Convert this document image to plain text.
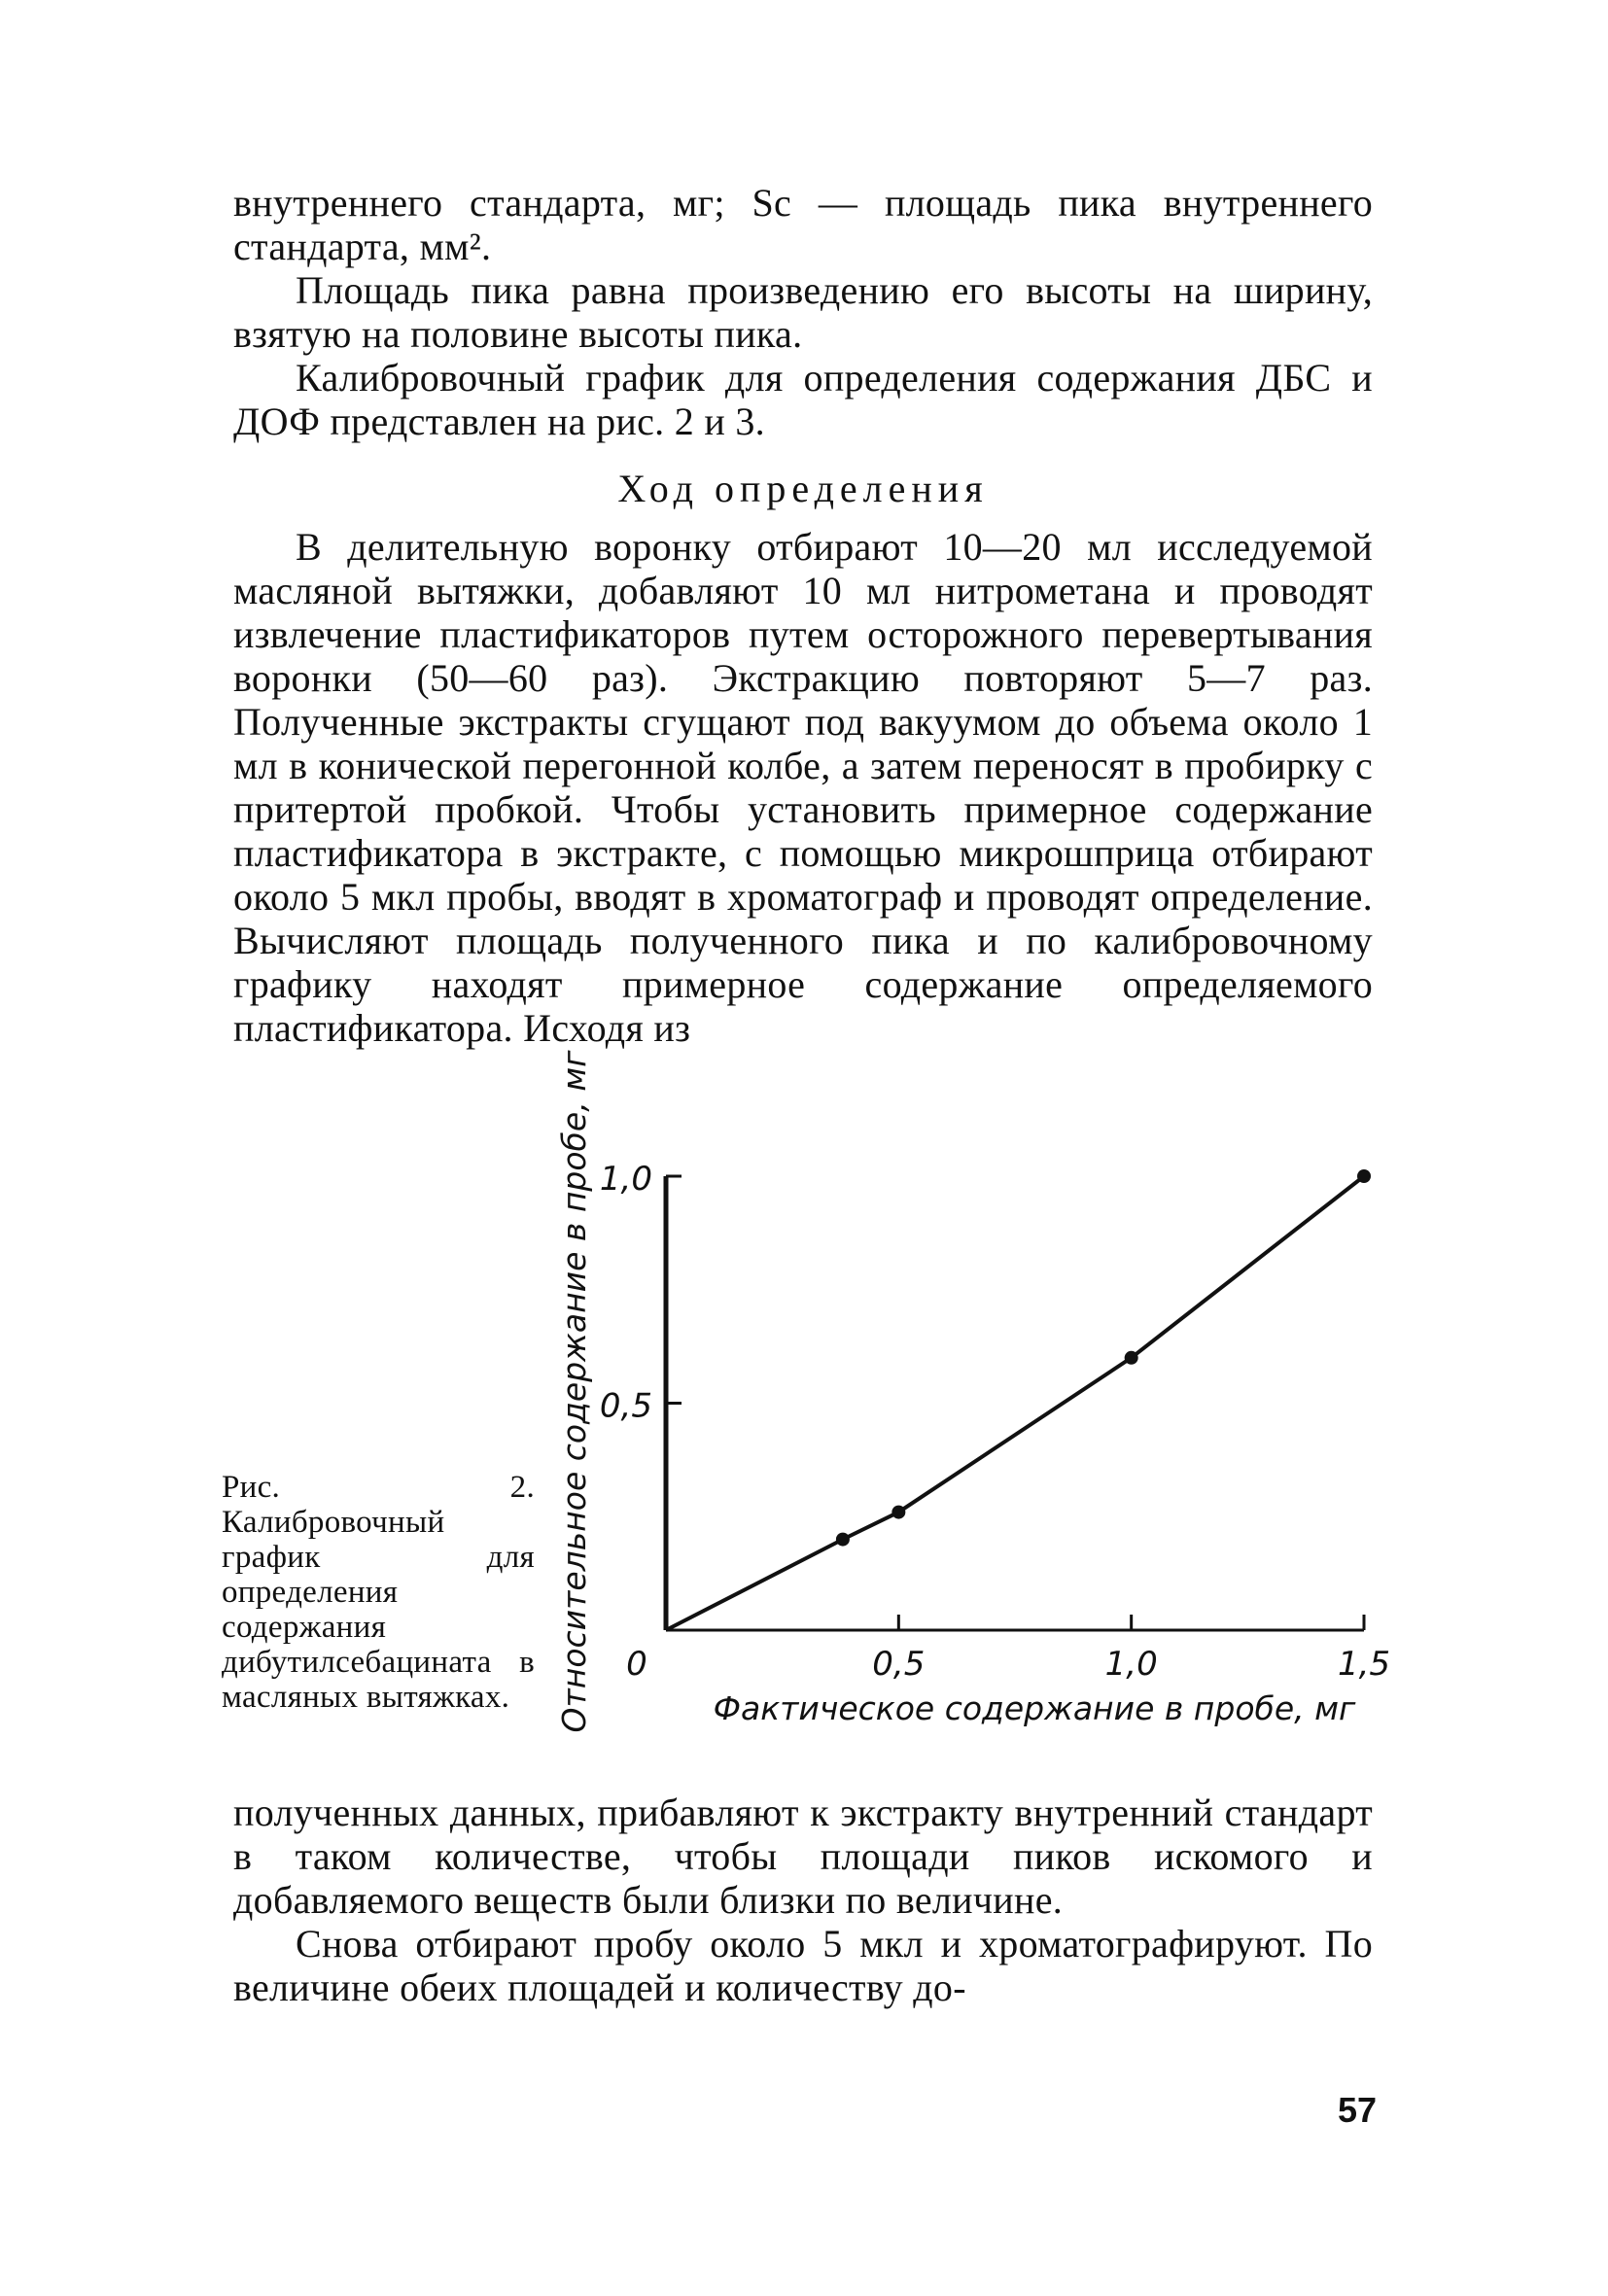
внутреннего стандарта, мг; Sc — площадь пика внутреннего стандарта, мм².

Площадь пика равна произведению его высоты на ширину, взятую на половине высоты пика.

Калибровочный график для определения содержания ДБС и ДОФ представлен на рис. 2 и 3.

Ход определения

В делительную воронку отбирают 10—20 мл исследуемой масляной вытяжки, добавляют 10 мл нитрометана и проводят извлечение пластификаторов путем осторожного перевертывания воронки (50—60 раз). Экстракцию повторяют 5—7 раз. Полученные экстракты сгущают под вакуумом до объема около 1 мл в конической перегонной колбе, а затем переносят в пробирку с притертой пробкой. Чтобы установить примерное содержание пластификатора в экстракте, с помощью микрошприца отбирают около 5 мкл пробы, вводят в хроматограф и проводят определение. Вычисляют площадь полученного пика и по калибровочному графику находят примерное содержание определяемого пластификатора. Исходя из

Рис. 2. Калибровочный график для определения содержания дибутилсебацината в масляных вытяжках.
0,5	1,0	1,5
0,5
1,0
0
Фактическое содержание в пробе, мг
Относительное содержание в пробе, мг

полученных данных, прибавляют к экстракту внутренний стандарт в таком количестве, чтобы площади пиков искомого и добавляемого веществ были близки по величине.

Снова отбирают пробу около 5 мкл и хроматографируют. По величине обеих площадей и количеству до-

57
